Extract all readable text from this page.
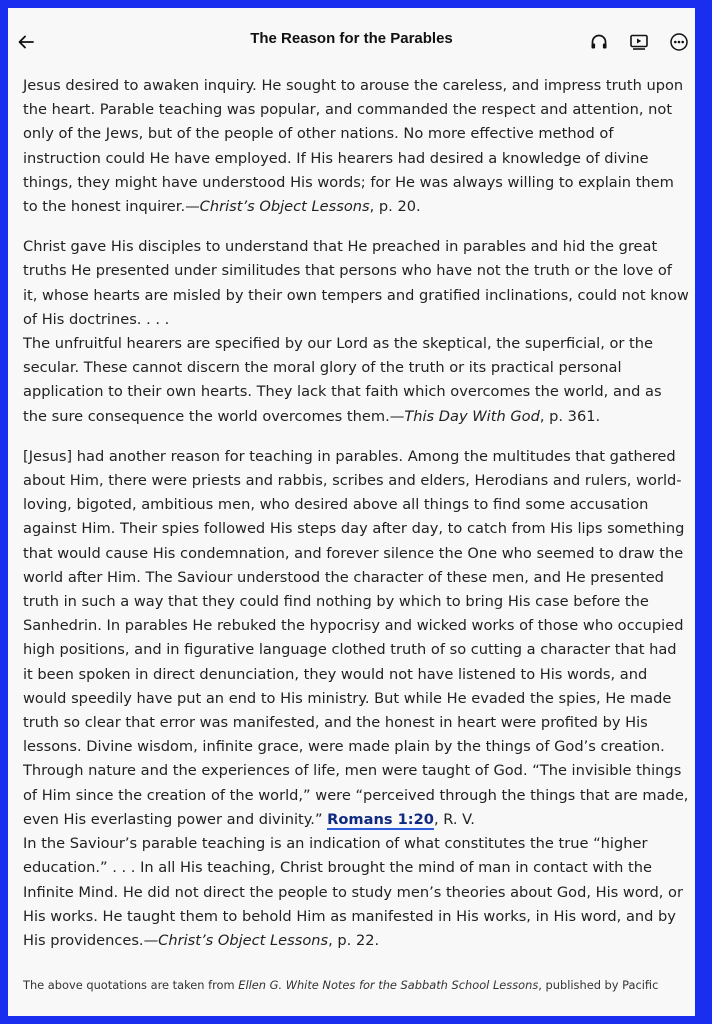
The Reason for the Parables

Jesus desired to awaken inquiry. He sought to arouse the careless, and impress truth upon the heart. Parable teaching was popular, and commanded the respect and attention, not only of the Jews, but of the people of other nations. No more effective method of instruction could He have employed. If His hearers had desired a knowledge of divine things, they might have understood His words; for He was always willing to explain them to the honest inquirer.—Christ’s Object Lessons, p. 20.

Christ gave His disciples to understand that He preached in parables and hid the great truths He presented under similitudes that persons who have not the truth or the love of it, whose hearts are misled by their own tempers and gratified inclinations, could not know of His doctrines. . . .

The unfruitful hearers are specified by our Lord as the skeptical, the superficial, or the secular. These cannot discern the moral glory of the truth or its practical personal application to their own hearts. They lack that faith which overcomes the world, and as the sure consequence the world overcomes them.—This Day With God, p. 361.

[Jesus] had another reason for teaching in parables. Among the multitudes that gathered about Him, there were priests and rabbis, scribes and elders, Herodians and rulers, world-loving, bigoted, ambitious men, who desired above all things to find some accusation against Him. Their spies followed His steps day after day, to catch from His lips something that would cause His condemnation, and forever silence the One who seemed to draw the world after Him. The Saviour understood the character of these men, and He presented truth in such a way that they could find nothing by which to bring His case before the Sanhedrin. In parables He rebuked the hypocrisy and wicked works of those who occupied high positions, and in figurative language clothed truth of so cutting a character that had it been spoken in direct denunciation, they would not have listened to His words, and would speedily have put an end to His ministry. But while He evaded the spies, He made truth so clear that error was manifested, and the honest in heart were profited by His lessons. Divine wisdom, infinite grace, were made plain by the things of God’s creation. Through nature and the experiences of life, men were taught of God. “The invisible things of Him since the creation of the world,” were “perceived through the things that are made, even His everlasting power and divinity.” Romans 1:20, R. V.

In the Saviour’s parable teaching is an indication of what constitutes the true “higher education.” . . . In all His teaching, Christ brought the mind of man in contact with the Infinite Mind. He did not direct the people to study men’s theories about God, His word, or His works. He taught them to behold Him as manifested in His works, in His word, and by His providences.—Christ’s Object Lessons, p. 22.

The above quotations are taken from Ellen G. White Notes for the Sabbath School Lessons, published by Pacific
